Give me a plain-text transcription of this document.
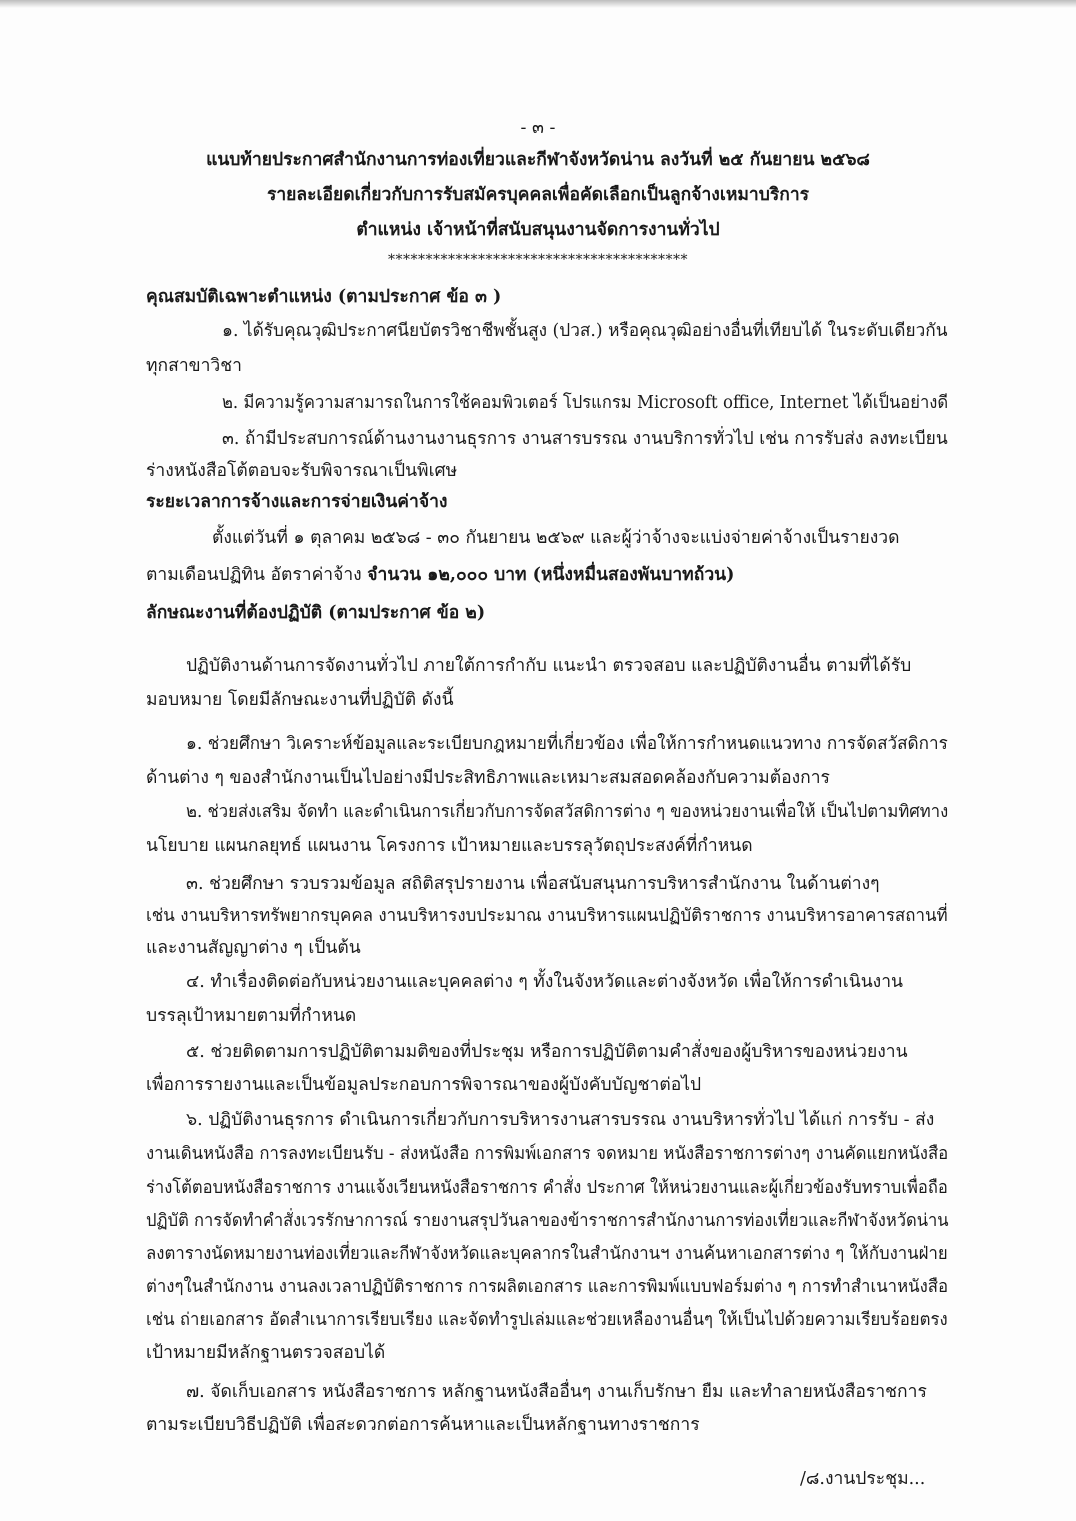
- ๓ -
แนบท้ายประกาศสำนักงานการท่องเที่ยวและกีฬาจังหวัดน่าน ลงวันที่ ๒๕ กันยายน ๒๕๖๘
รายละเอียดเกี่ยวกับการรับสมัครบุคคลเพื่อคัดเลือกเป็นลูกจ้างเหมาบริการ
ตำแหน่ง เจ้าหน้าที่สนับสนุนงานจัดการงานทั่วไป
****************************************
คุณสมบัติเฉพาะตำแหน่ง (ตามประกาศ ข้อ ๓ )
๑. ได้รับคุณวุฒิประกาศนียบัตรวิชาชีพชั้นสูง (ปวส.) หรือคุณวุฒิอย่างอื่นที่เทียบได้ ในระดับเดียวกัน
ทุกสาขาวิชา
๒. มีความรู้ความสามารถในการใช้คอมพิวเตอร์ โปรแกรม Microsoft office, Internet ได้เป็นอย่างดี
๓. ถ้ามีประสบการณ์ด้านงานงานธุรการ งานสารบรรณ งานบริการทั่วไป เช่น การรับส่ง ลงทะเบียน
ร่างหนังสือโต้ตอบจะรับพิจารณาเป็นพิเศษ
ระยะเวลาการจ้างและการจ่ายเงินค่าจ้าง
ตั้งแต่วันที่ ๑ ตุลาคม ๒๕๖๘ - ๓๐ กันยายน ๒๕๖๙ และผู้ว่าจ้างจะแบ่งจ่ายค่าจ้างเป็นรายงวด
ตามเดือนปฏิทิน อัตราค่าจ้าง จำนวน ๑๒,๐๐๐ บาท (หนึ่งหมื่นสองพันบาทถ้วน)
ลักษณะงานที่ต้องปฏิบัติ (ตามประกาศ ข้อ ๒)
ปฏิบัติงานด้านการจัดงานทั่วไป ภายใต้การกำกับ แนะนำ ตรวจสอบ และปฏิบัติงานอื่น ตามที่ได้รับ
มอบหมาย โดยมีลักษณะงานที่ปฏิบัติ ดังนี้
๑. ช่วยศึกษา วิเคราะห์ข้อมูลและระเบียบกฎหมายที่เกี่ยวข้อง เพื่อให้การกำหนดแนวทาง การจัดสวัสดิการ
ด้านต่าง ๆ ของสำนักงานเป็นไปอย่างมีประสิทธิภาพและเหมาะสมสอดคล้องกับความต้องการ
๒. ช่วยส่งเสริม จัดทำ และดำเนินการเกี่ยวกับการจัดสวัสดิการต่าง ๆ ของหน่วยงานเพื่อให้ เป็นไปตามทิศทาง
นโยบาย แผนกลยุทธ์ แผนงาน โครงการ เป้าหมายและบรรลุวัตถุประสงค์ที่กำหนด
๓. ช่วยศึกษา รวบรวมข้อมูล สถิติสรุปรายงาน เพื่อสนับสนุนการบริหารสำนักงาน ในด้านต่างๆ
เช่น งานบริหารทรัพยากรบุคคล งานบริหารงบประมาณ งานบริหารแผนปฏิบัติราชการ งานบริหารอาคารสถานที่
และงานสัญญาต่าง ๆ เป็นต้น
๔. ทำเรื่องติดต่อกับหน่วยงานและบุคคลต่าง ๆ ทั้งในจังหวัดและต่างจังหวัด เพื่อให้การดำเนินงาน
บรรลุเป้าหมายตามที่กำหนด
๕. ช่วยติดตามการปฏิบัติตามมติของที่ประชุม หรือการปฏิบัติตามคำสั่งของผู้บริหารของหน่วยงาน
เพื่อการรายงานและเป็นข้อมูลประกอบการพิจารณาของผู้บังคับบัญชาต่อไป
๖. ปฏิบัติงานธุรการ ดำเนินการเกี่ยวกับการบริหารงานสารบรรณ งานบริหารทั่วไป ได้แก่ การรับ - ส่ง
งานเดินหนังสือ การลงทะเบียนรับ - ส่งหนังสือ การพิมพ์เอกสาร จดหมาย หนังสือราชการต่างๆ งานคัดแยกหนังสือ
ร่างโต้ตอบหนังสือราชการ งานแจ้งเวียนหนังสือราชการ คำสั่ง ประกาศ ให้หน่วยงานและผู้เกี่ยวข้องรับทราบเพื่อถือ
ปฏิบัติ การจัดทำคำสั่งเวรรักษาการณ์ รายงานสรุปวันลาของข้าราชการสำนักงานการท่องเที่ยวและกีฬาจังหวัดน่าน
ลงตารางนัดหมายงานท่องเที่ยวและกีฬาจังหวัดและบุคลากรในสำนักงานฯ งานค้นหาเอกสารต่าง ๆ ให้กับงานฝ่าย
ต่างๆในสำนักงาน งานลงเวลาปฏิบัติราชการ การผลิตเอกสาร และการพิมพ์แบบฟอร์มต่าง ๆ การทำสำเนาหนังสือ
เช่น ถ่ายเอกสาร อัดสำเนาการเรียบเรียง และจัดทำรูปเล่มและช่วยเหลืองานอื่นๆ ให้เป็นไปด้วยความเรียบร้อยตรง
เป้าหมายมีหลักฐานตรวจสอบได้
๗. จัดเก็บเอกสาร หนังสือราชการ หลักฐานหนังสืออื่นๆ งานเก็บรักษา ยืม และทำลายหนังสือราชการ
ตามระเบียบวิธีปฏิบัติ เพื่อสะดวกต่อการค้นหาและเป็นหลักฐานทางราชการ
/๘.งานประชุม...
